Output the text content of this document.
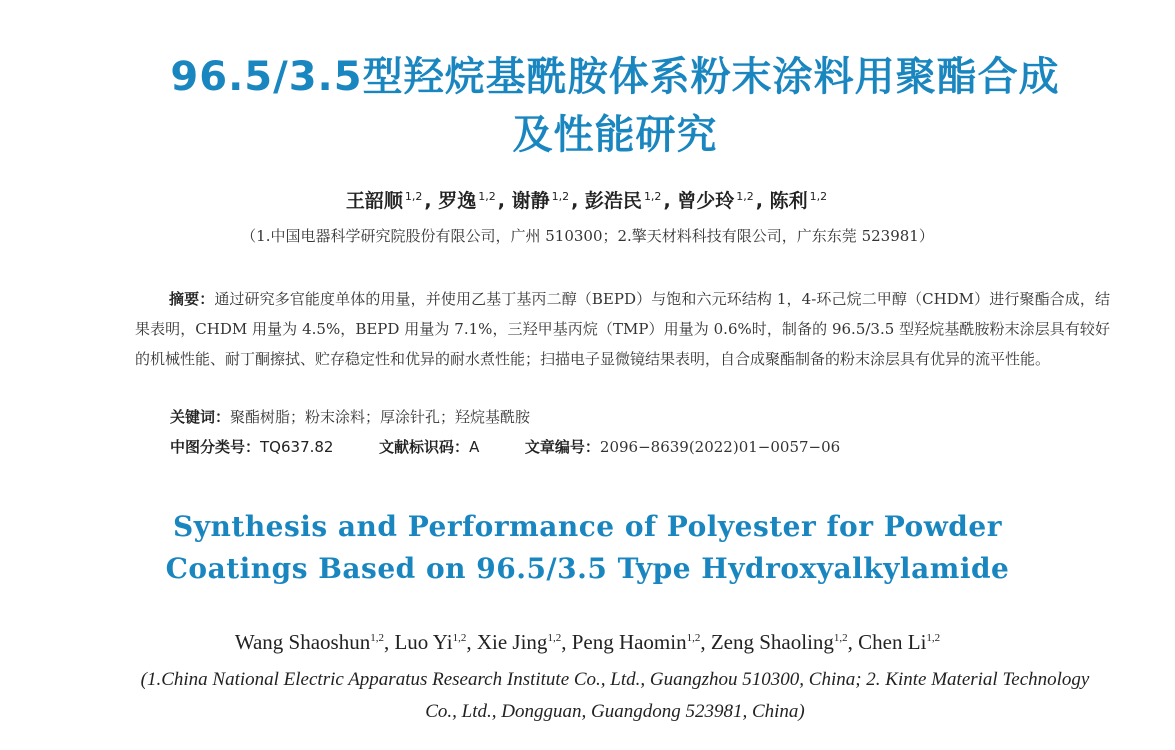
96.5/3.5型羟烷基酰胺体系粉末涂料用聚酯合成
及性能研究
王韶顺 $^{1,2}$ , 罗逸 $^{1,2}$ , 谢静 $^{1,2}$ , 彭浩民 $^{1,2}$ , 曾少玲 $^{1,2}$ , 陈利 $^{1,2}$
（1.中国电器科学研究院股份有限公司，广州 510300；2.擎天材料科技有限公司，广东东莞 523981）
摘要：通过研究多官能度单体的用量，并使用乙基丁基丙二醇（BEPD）与饱和六元环结构 1，4-环己烷二甲醇（CHDM）进行聚酯合成，结果表明，CHDM 用量为 4.5%，BEPD 用量为 7.1%，三羟甲基丙烷（TMP）用量为 0.6%时，制备的 96.5/3.5 型羟烷基酰胺粉末涂层具有较好的机械性能、耐丁酮擦拭、贮存稳定性和优异的耐水煮性能；扫描电子显微镜结果表明，自合成聚酯制备的粉末涂层具有优异的流平性能。
关键词：聚酯树脂；粉末涂料；厚涂针孔；羟烷基酰胺
中图分类号：TQ637.82	文献标识码：A	文章编号：2096−8639(2022)01−0057−06
Synthesis and Performance of Polyester for Powder
Coatings Based on 96.5/3.5 Type Hydroxyalkylamide
Wang Shaoshun$^{1,2}$, Luo Yi$^{1,2}$, Xie Jing$^{1,2}$, Peng Haomin$^{1,2}$, Zeng Shaoling$^{1,2}$, Chen Li$^{1,2}$
(1.China National Electric Apparatus Research Institute Co., Ltd., Guangzhou 510300, China; 2. Kinte Material Technology Co., Ltd., Dongguan, Guangdong 523981, China)
